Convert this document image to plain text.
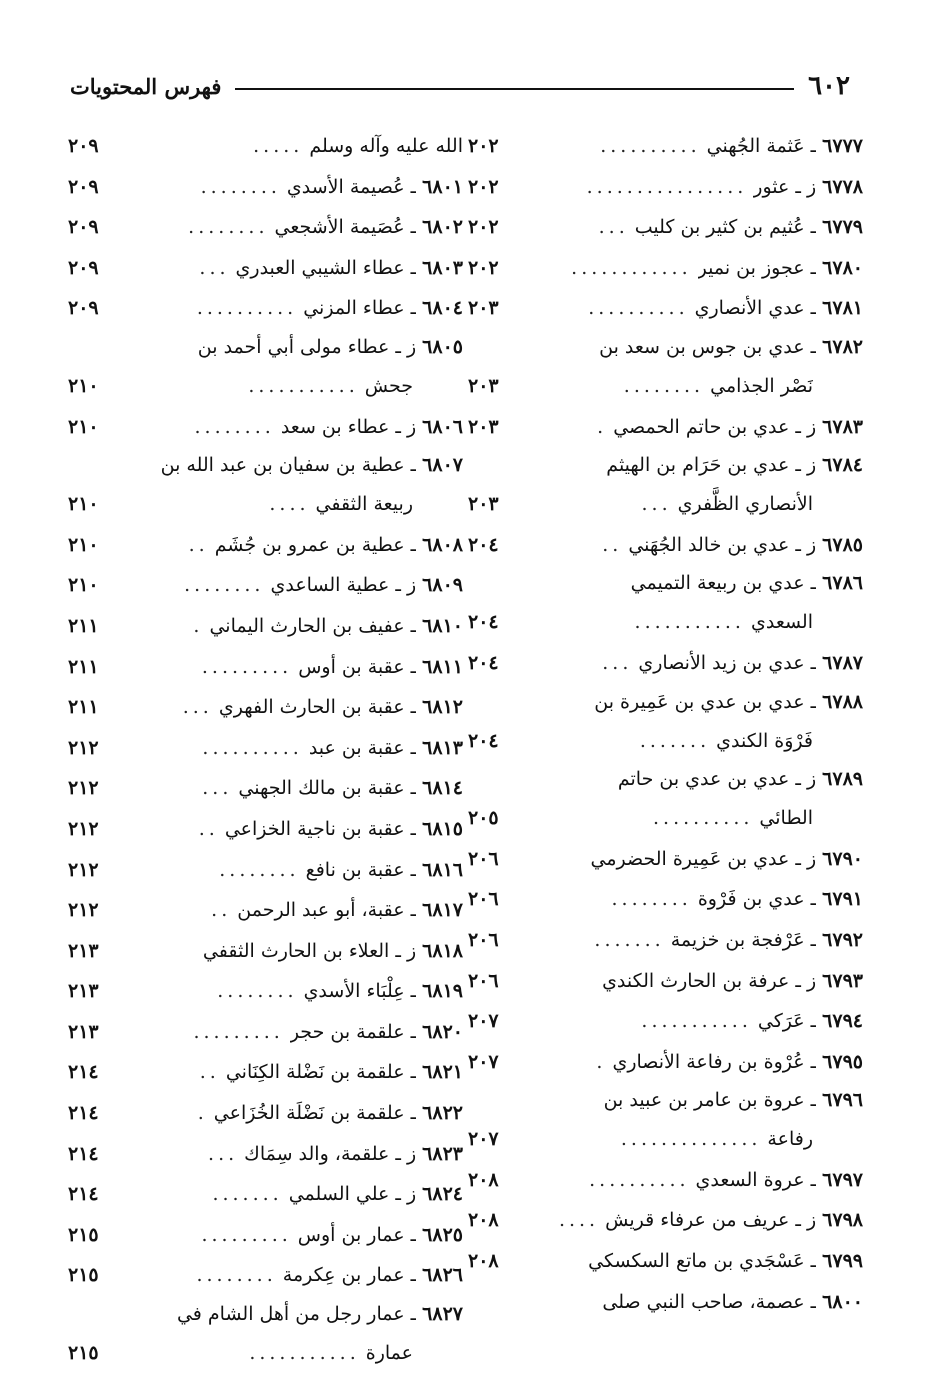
٦٠٢
فهرس المحتويات
٦٧٧٧
ـ عَثمة الجُهني
..........
٢٠٢
٦٧٧٨
ز ـ عثور
................
٢٠٢
٦٧٧٩
ـ عُثيم بن كثير بن كليب
...
٢٠٢
٦٧٨٠
ـ عجوز بن نمير
............
٢٠٢
٦٧٨١
ـ عدي الأنصاري
..........
٢٠٣
٦٧٨٢
ـ عدي بن جوس بن سعد بن
نَصْر الجذامي
........
٢٠٣
٦٧٨٣
ز ـ عدي بن حاتم الحمصي
.
٢٠٣
٦٧٨٤
ز ـ عدي بن حَرَام بن الهيثم
الأنصاري الظَّفري
...
٢٠٣
٦٧٨٥
ز ـ عدي بن خالد الجُهَني
..
٢٠٤
٦٧٨٦
ـ عدي بن ربيعة التميمي
السعدي
...........
٢٠٤
٦٧٨٧
ـ عدي بن زيد الأنصاري
...
٢٠٤
٦٧٨٨
ـ عدي بن عدي بن عَمِيرة بن
فَرْوَة الكندي
.......
٢٠٤
٦٧٨٩
ز ـ عدي بن عدي بن حاتم
الطائي
..........
٢٠٥
٦٧٩٠
ز ـ عدي بن عَمِيرة الحضرمي
٢٠٦
٦٧٩١
ـ عدي بن فَرْوة
........
٢٠٦
٦٧٩٢
ـ عَرْفجة بن خزيمة
.......
٢٠٦
٦٧٩٣
ز ـ عرفة بن الحارث الكندي
٢٠٦
٦٧٩٤
ـ عَرَكي
...........
٢٠٧
٦٧٩٥
ـ عُرْوة بن رفاعة الأنصاري
.
٢٠٧
٦٧٩٦
ـ عروة بن عامر بن عبيد بن
رفاعة
..............
٢٠٧
٦٧٩٧
ـ عروة السعدي
..........
٢٠٨
٦٧٩٨
ز ـ عريف من عرفاء قريش
....
٢٠٨
٦٧٩٩
ـ عَسْجَدي بن ماتع السكسكي
٢٠٨
٦٨٠٠
ـ عصمة، صاحب النبي صلى
الله عليه وآله وسلم
.....
٢٠٩
٦٨٠١
ـ عُصيمة الأسدي
........
٢٠٩
٦٨٠٢
ـ عُصَيمة الأشجعي
........
٢٠٩
٦٨٠٣
ـ عطاء الشيبي العبدري
...
٢٠٩
٦٨٠٤
ـ عطاء المزني
..........
٢٠٩
٦٨٠٥
ز ـ عطاء مولى أبي أحمد بن
جحش
...........
٢١٠
٦٨٠٦
ز ـ عطاء بن سعد
........
٢١٠
٦٨٠٧
ـ عطية بن سفيان بن عبد الله بن
ربيعة الثقفي
....
٢١٠
٦٨٠٨
ـ عطية بن عمرو بن جُشَم
..
٢١٠
٦٨٠٩
ز ـ عطية الساعدي
........
٢١٠
٦٨١٠
ـ عفيف بن الحارث اليماني
.
٢١١
٦٨١١
ـ عقبة بن أوس
.........
٢١١
٦٨١٢
ـ عقبة بن الحارث الفهري
...
٢١١
٦٨١٣
ـ عقبة بن عبد
..........
٢١٢
٦٨١٤
ـ عقبة بن مالك الجهني
...
٢١٢
٦٨١٥
ـ عقبة بن ناجية الخزاعي
..
٢١٢
٦٨١٦
ـ عقبة بن نافع
........
٢١٢
٦٨١٧
ـ عقبة، أبو عبد الرحمن
..
٢١٢
٦٨١٨
ز ـ العلاء بن الحارث الثقفي
٢١٣
٦٨١٩
ـ عِلْبَاء الأسدي
........
٢١٣
٦٨٢٠
ـ علقمة بن حجر
.........
٢١٣
٦٨٢١
ـ علقمة بن نَضْلة الكِنَاني
..
٢١٤
٦٨٢٢
ـ علقمة بن نَضْلَة الخُزَاعي
.
٢١٤
٦٨٢٣
ز ـ علقمة، والد سِمَاك
...
٢١٤
٦٨٢٤
ز ـ علي السلمي
.......
٢١٤
٦٨٢٥
ـ عمار بن أوس
.........
٢١٥
٦٨٢٦
ـ عمار بن عِكرمة
........
٢١٥
٦٨٢٧
ـ عمار رجل من أهل الشام في
عمارة
...........
٢١٥
